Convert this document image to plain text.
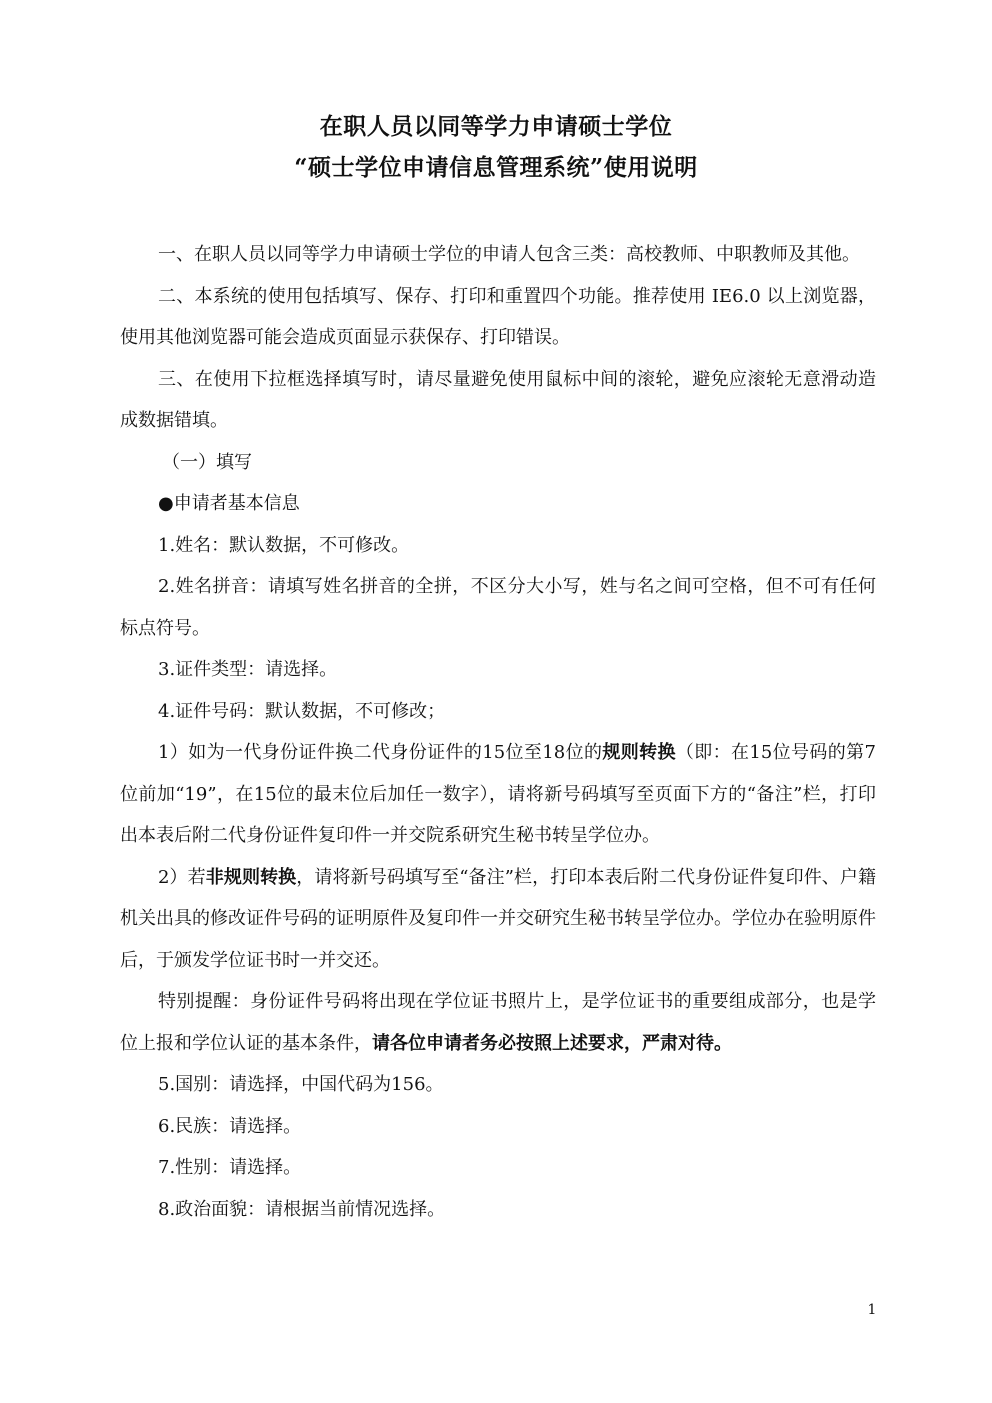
在职人员以同等学力申请硕士学位
“硕士学位申请信息管理系统”使用说明

一、在职人员以同等学力申请硕士学位的申请人包含三类：高校教师、中职教师及其他。

二、本系统的使用包括填写、保存、打印和重置四个功能。推荐使用 IE6.0 以上浏览器，使用其他浏览器可能会造成页面显示获保存、打印错误。

三、在使用下拉框选择填写时，请尽量避免使用鼠标中间的滚轮，避免应滚轮无意滑动造成数据错填。

（一）填写

●申请者基本信息

1.姓名：默认数据，不可修改。

2.姓名拼音：请填写姓名拼音的全拼，不区分大小写，姓与名之间可空格，但不可有任何标点符号。

3.证件类型：请选择。

4.证件号码：默认数据，不可修改；

1）如为一代身份证件换二代身份证件的15位至18位的规则转换（即：在15位号码的第7位前加“19”，在15位的最末位后加任一数字），请将新号码填写至页面下方的“备注”栏，打印出本表后附二代身份证件复印件一并交院系研究生秘书转呈学位办。

2）若非规则转换，请将新号码填写至“备注”栏，打印本表后附二代身份证件复印件、户籍机关出具的修改证件号码的证明原件及复印件一并交研究生秘书转呈学位办。学位办在验明原件后，于颁发学位证书时一并交还。

特别提醒：身份证件号码将出现在学位证书照片上，是学位证书的重要组成部分，也是学位上报和学位认证的基本条件，请各位申请者务必按照上述要求，严肃对待。

5.国别：请选择，中国代码为156。

6.民族：请选择。

7.性别：请选择。

8.政治面貌：请根据当前情况选择。

1
